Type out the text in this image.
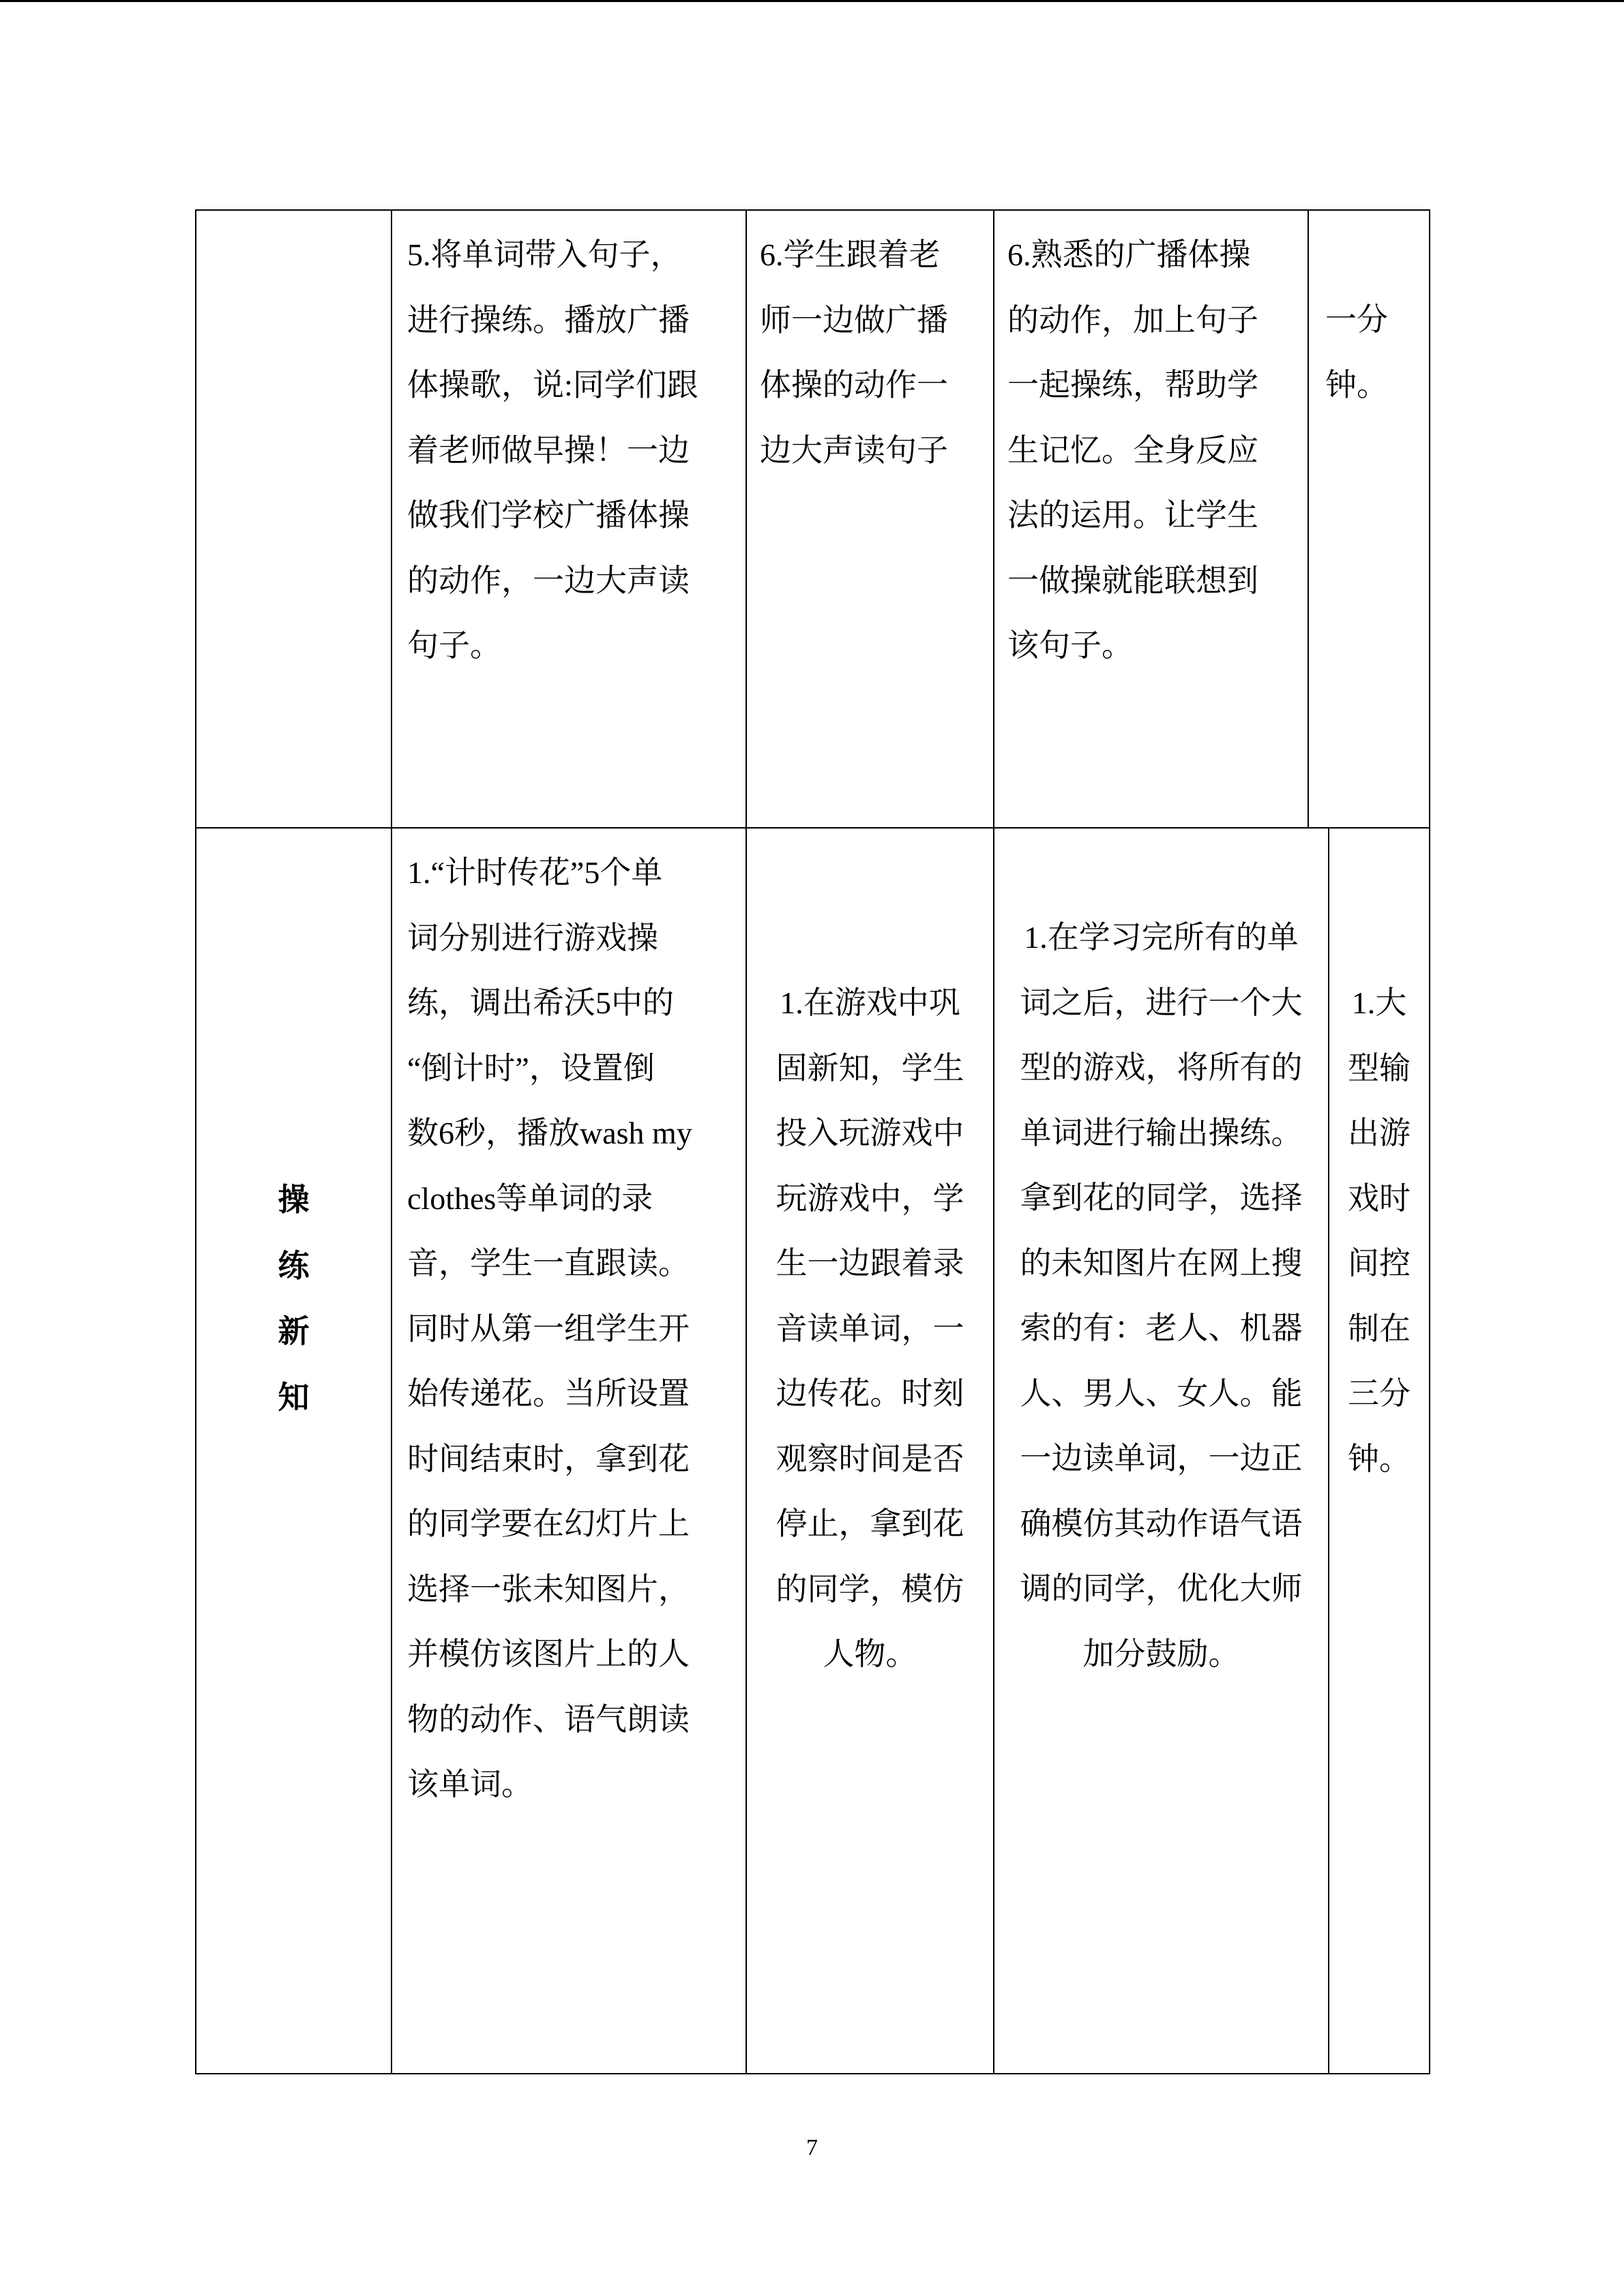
5.将单词带入句子，
进行操练。播放广播
体操歌，说:同学们跟
着老师做早操！一边
做我们学校广播体操
的动作，一边大声读
句子。
6.学生跟着老
师一边做广播
体操的动作一
边大声读句子
6.熟悉的广播体操
的动作，加上句子
一起操练，帮助学
生记忆。全身反应
法的运用。让学生
一做操就能联想到
该句子。
一分
钟。
操练新知
1.“计时传花”5个单
词分别进行游戏操
练，调出希沃5中的
“倒计时”，设置倒
数6秒，播放wash my
clothes等单词的录
音，学生一直跟读。
同时从第一组学生开
始传递花。当所设置
时间结束时，拿到花
的同学要在幻灯片上
选择一张未知图片，
并模仿该图片上的人
物的动作、语气朗读
该单词。
1.在游戏中巩
固新知，学生
投入玩游戏中
玩游戏中，学
生一边跟着录
音读单词，一
边传花。时刻
观察时间是否
停止，拿到花
的同学，模仿
人物。
1.在学习完所有的单
词之后，进行一个大
型的游戏，将所有的
单词进行输出操练。
拿到花的同学，选择
的未知图片在网上搜
索的有：老人、机器
人、男人、女人。能
一边读单词，一边正
确模仿其动作语气语
调的同学，优化大师
加分鼓励。
1.大
型输
出游
戏时
间控
制在
三分
钟。
7
